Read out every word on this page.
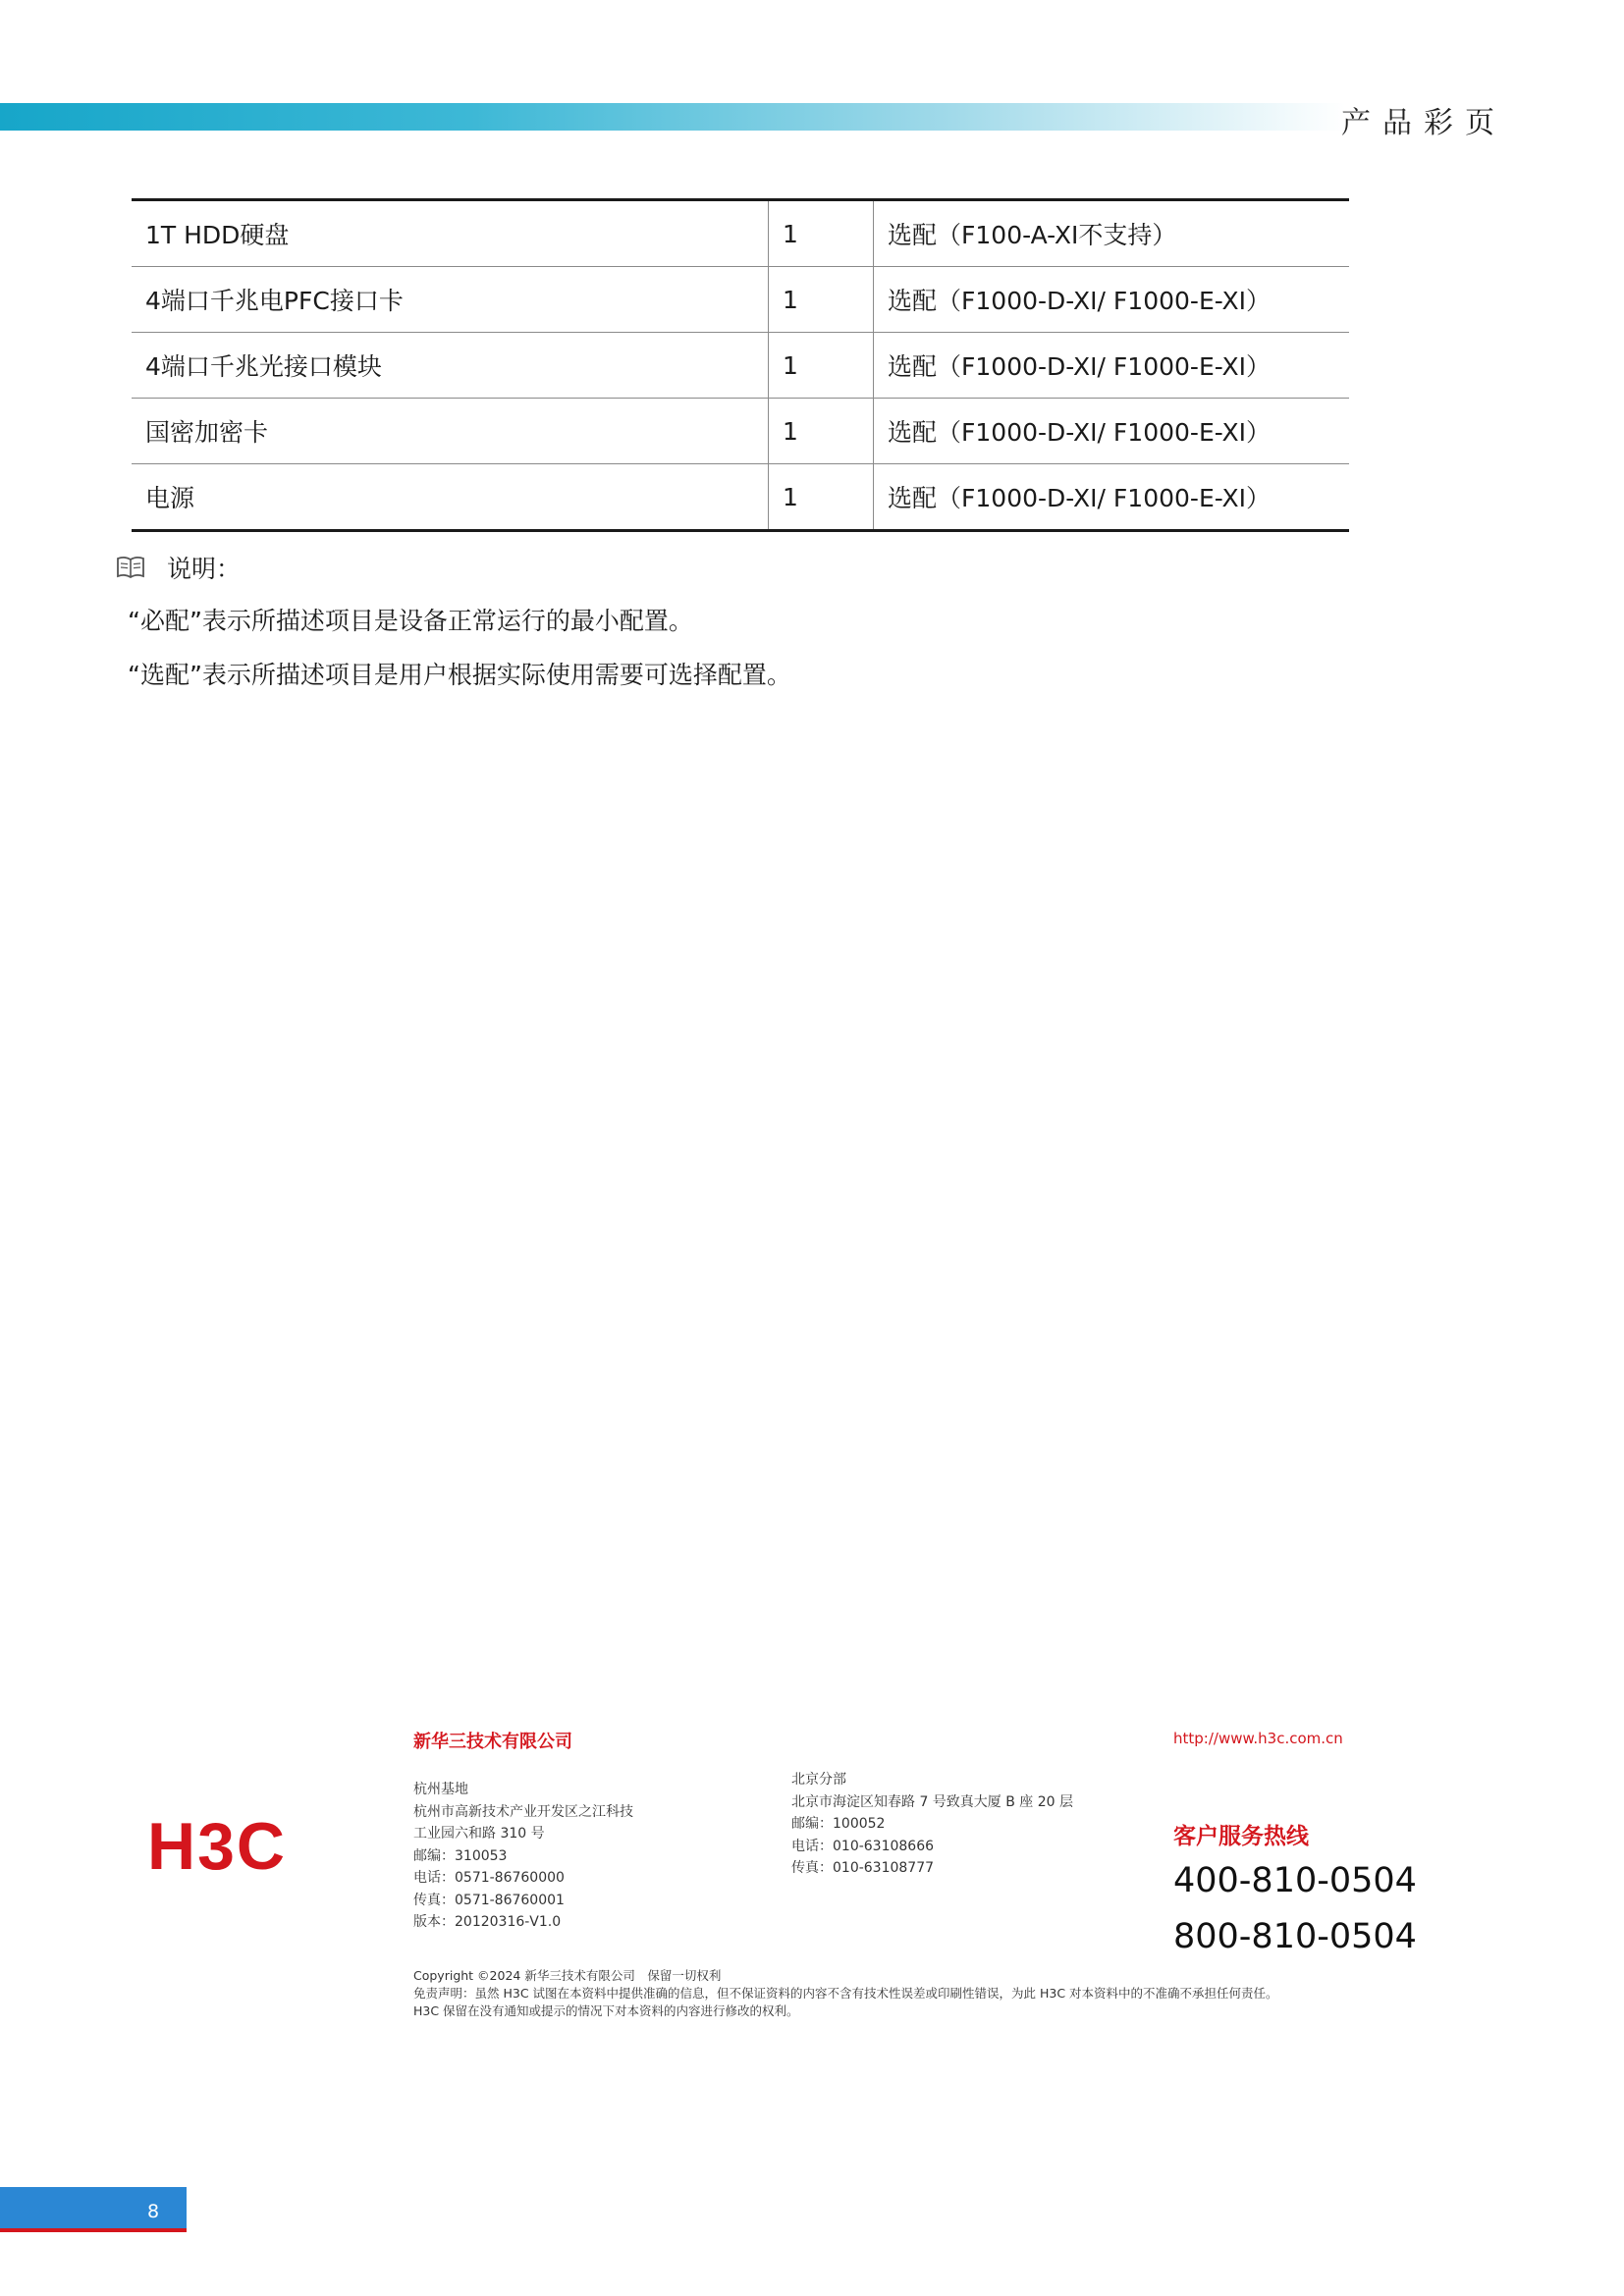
产品彩页
1T HDD硬盘	1	选配（F100-A-XI不支持）
4端口千兆电PFC接口卡	1	选配（F1000-D-XI/ F1000-E-XI）
4端口千兆光接口模块	1	选配（F1000-D-XI/ F1000-E-XI）
国密加密卡	1	选配（F1000-D-XI/ F1000-E-XI）
电源	1	选配（F1000-D-XI/ F1000-E-XI）
说明：
“必配”表示所描述项目是设备正常运行的最小配置。
“选配”表示所描述项目是用户根据实际使用需要可选择配置。
H3C
新华三技术有限公司	http://www.h3c.com.cn
杭州基地
杭州市高新技术产业开发区之江科技
工业园六和路 310 号
邮编：310053
电话：0571-86760000
传真：0571-86760001
版本：20120316-V1.0
北京分部
北京市海淀区知春路 7 号致真大厦 B 座 20 层
邮编：100052
电话：010-63108666
传真：010-63108777
客户服务热线
400-810-0504
800-810-0504
Copyright ©2024 新华三技术有限公司　保留一切权利
免责声明：虽然 H3C 试图在本资料中提供准确的信息，但不保证资料的内容不含有技术性误差或印刷性错误，为此 H3C 对本资料中的不准确不承担任何责任。
H3C 保留在没有通知或提示的情况下对本资料的内容进行修改的权利。
8
